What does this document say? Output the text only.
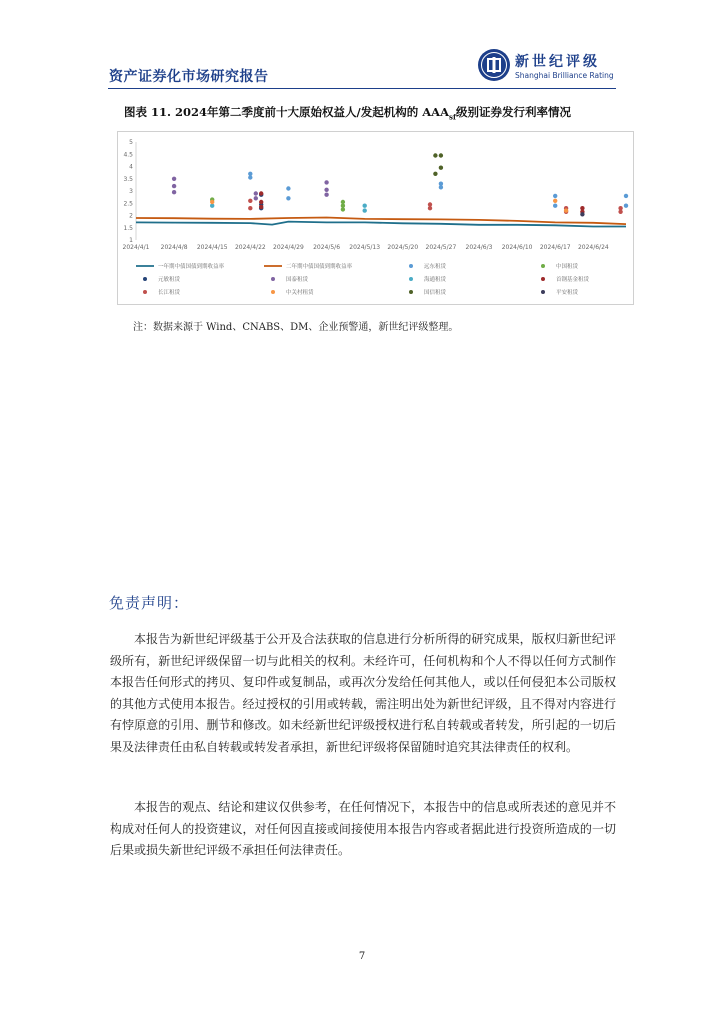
资产证券化市场研究报告
新世纪评级
Shanghai Brilliance Rating
图表 11. 2024年第二季度前十大原始权益人/发起机构的 $AAA_{sf}$级别证券发行利率情况
1
1.5
2
2.5
3
3.5
4
4.5
5
2024/4/1 2024/4/8 2024/4/15 2024/4/22 2024/4/29 2024/5/6 2024/5/13 2024/5/20 2024/5/27 2024/6/3 2024/6/10 2024/6/17 2024/6/24
一年期中债国债到期收益率	二年期中债国债到期收益率	远东租赁	中国租赁
元敏租赁	国泰租赁	海通租赁	首钢基金租赁
长江租赁	中关村租赁	国信租赁	平安租赁
注：数据来源于 Wind、CNABS、DM、企业预警通，新世纪评级整理。
免责声明：
本报告为新世纪评级基于公开及合法获取的信息进行分析所得的研究成果，版权归新世纪评级所有，新世纪评级保留一切与此相关的权利。未经许可，任何机构和个人不得以任何方式制作本报告任何形式的拷贝、复印件或复制品，或再次分发给任何其他人，或以任何侵犯本公司版权的其他方式使用本报告。经过授权的引用或转载，需注明出处为新世纪评级，且不得对内容进行有悖原意的引用、删节和修改。如未经新世纪评级授权进行私自转载或者转发，所引起的一切后果及法律责任由私自转载或转发者承担，新世纪评级将保留随时追究其法律责任的权利。
本报告的观点、结论和建议仅供参考，在任何情况下，本报告中的信息或所表述的意见并不构成对任何人的投资建议，对任何因直接或间接使用本报告内容或者据此进行投资所造成的一切后果或损失新世纪评级不承担任何法律责任。
7
